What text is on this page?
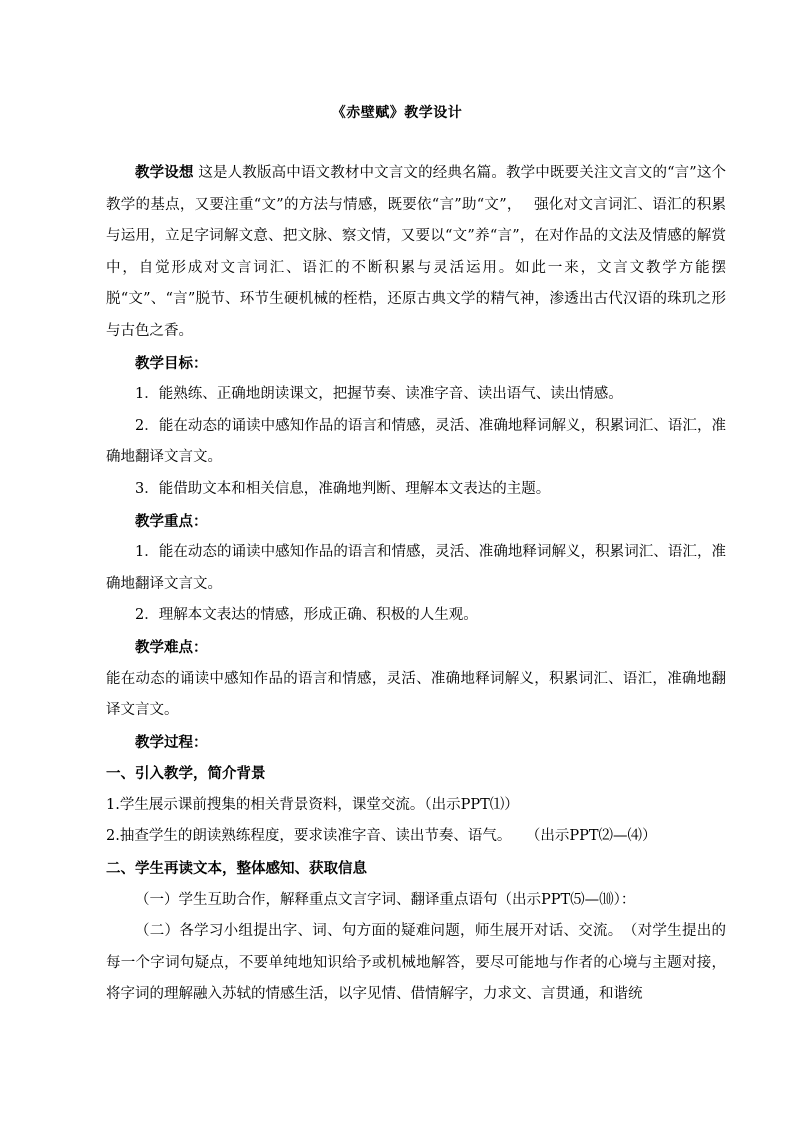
《赤壁赋》教学设计

教学设想 这是人教版高中语文教材中文言文的经典名篇。教学中既要关注文言文的“言”这个教学的基点，又要注重“文”的方法与情感，既要依“言”助“文”，　 强化对文言词汇、语汇的积累与运用，立足字词解文意、把文脉、察文情，又要以“文”养“言”，在对作品的文法及情感的解赏中，自觉形成对文言词汇、语汇的不断积累与灵活运用。如此一来，文言文教学方能摆脱“文”、“言”脱节、环节生硬机械的桎梏，还原古典文学的精气神，渗透出古代汉语的珠玑之形与古色之香。

教学目标：

1．能熟练、正确地朗读课文，把握节奏、读准字音、读出语气、读出情感。

2．能在动态的诵读中感知作品的语言和情感，灵活、准确地释词解义，积累词汇、语汇，准确地翻译文言文。

3．能借助文本和相关信息，准确地判断、理解本文表达的主题。

教学重点：

1．能在动态的诵读中感知作品的语言和情感，灵活、准确地释词解义，积累词汇、语汇，准确地翻译文言文。

2．理解本文表达的情感，形成正确、积极的人生观。

教学难点：

能在动态的诵读中感知作品的语言和情感，灵活、准确地释词解义，积累词汇、语汇，准确地翻译文言文。

教学过程：

一、引入教学，简介背景

1.学生展示课前搜集的相关背景资料，课堂交流。（出示PPT⑴）

2.抽查学生的朗读熟练程度，要求读准字音、读出节奏、语气。　　（出示PPT⑵—⑷）

二、学生再读文本，整体感知、获取信息

（一）学生互助合作，解释重点文言字词、翻译重点语句（出示PPT⑸—⑽）：

（二）各学习小组提出字、词、句方面的疑难问题，师生展开对话、交流。　（对学生提出的每一个字词句疑点，不要单纯地知识给予或机械地解答，要尽可能地与作者的心境与主题对接，将字词的理解融入苏轼的情感生活，以字见情、借情解字，力求文、言贯通，和谐统
